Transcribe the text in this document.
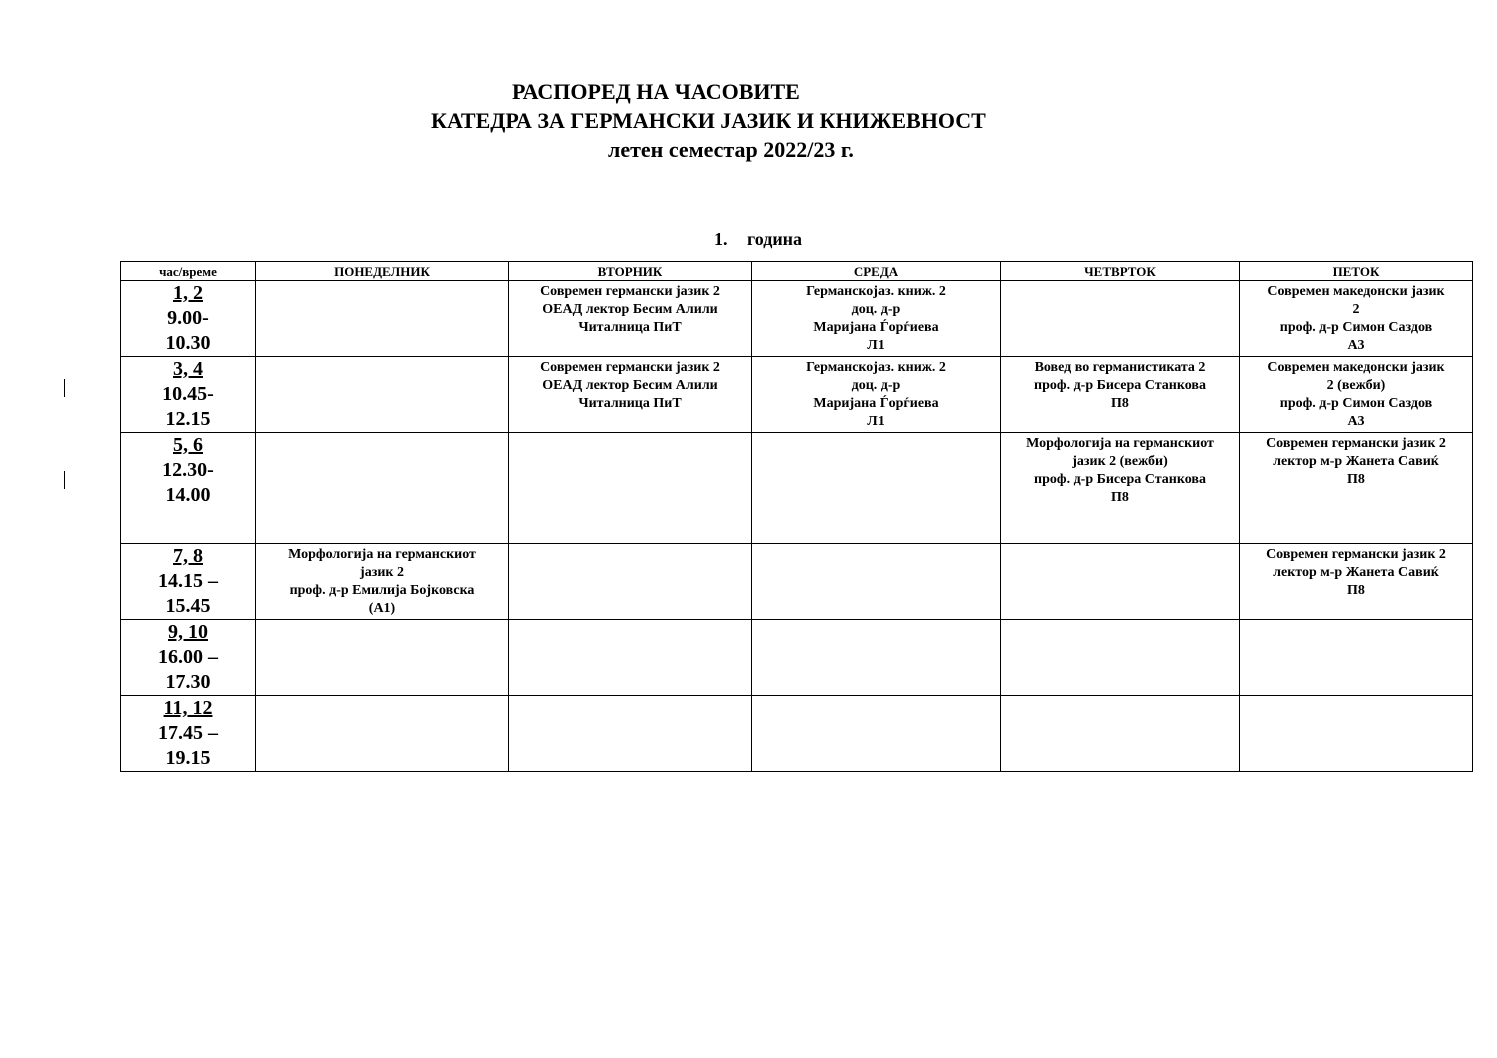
РАСПОРЕД НА ЧАСОВИТЕ
КАТЕДРА ЗА ГЕРМАНСКИ ЈАЗИК И КНИЖЕВНОСТ
летен семестар 2022/23 г.
1. година
час/време	ПОНЕДЕЛНИК	ВТОРНИК	СРЕДА	ЧЕТВРТОК	ПЕТОК

1, 2
9.00-
10.30		Современ германски јазик 2
ОЕАД лектор Бесим Алили
Читалница ПиТ	Германскојаз. книж. 2
доц. д-р
Маријана Ѓорѓиева
Л1		Современ македонски јазик
2
проф. д-р Симон Саздов
А3

3, 4
10.45-
12.15		Современ германски јазик 2
ОЕАД лектор Бесим Алили
Читалница ПиТ	Германскојаз. книж. 2
доц. д-р
Маријана Ѓорѓиева
Л1	Вовед во германистиката 2
проф. д-р Бисера Станкова
П8	Современ македонски јазик
2 (вежби)
проф. д-р Симон Саздов
А3

5, 6
12.30-
14.00				Морфологија на германскиот
јазик 2 (вежби)
проф. д-р Бисера Станкова
П8	Современ германски јазик 2
лектор м-р Жанета Савиќ
П8

7, 8
14.15 –
15.45	Морфологија на германскиот
јазик 2
проф. д-р Емилија Бојковска
(А1)				Современ германски јазик 2
лектор м-р Жанета Савиќ
П8

9, 10
16.00 –
17.30					

11, 12
17.45 –
19.15					
